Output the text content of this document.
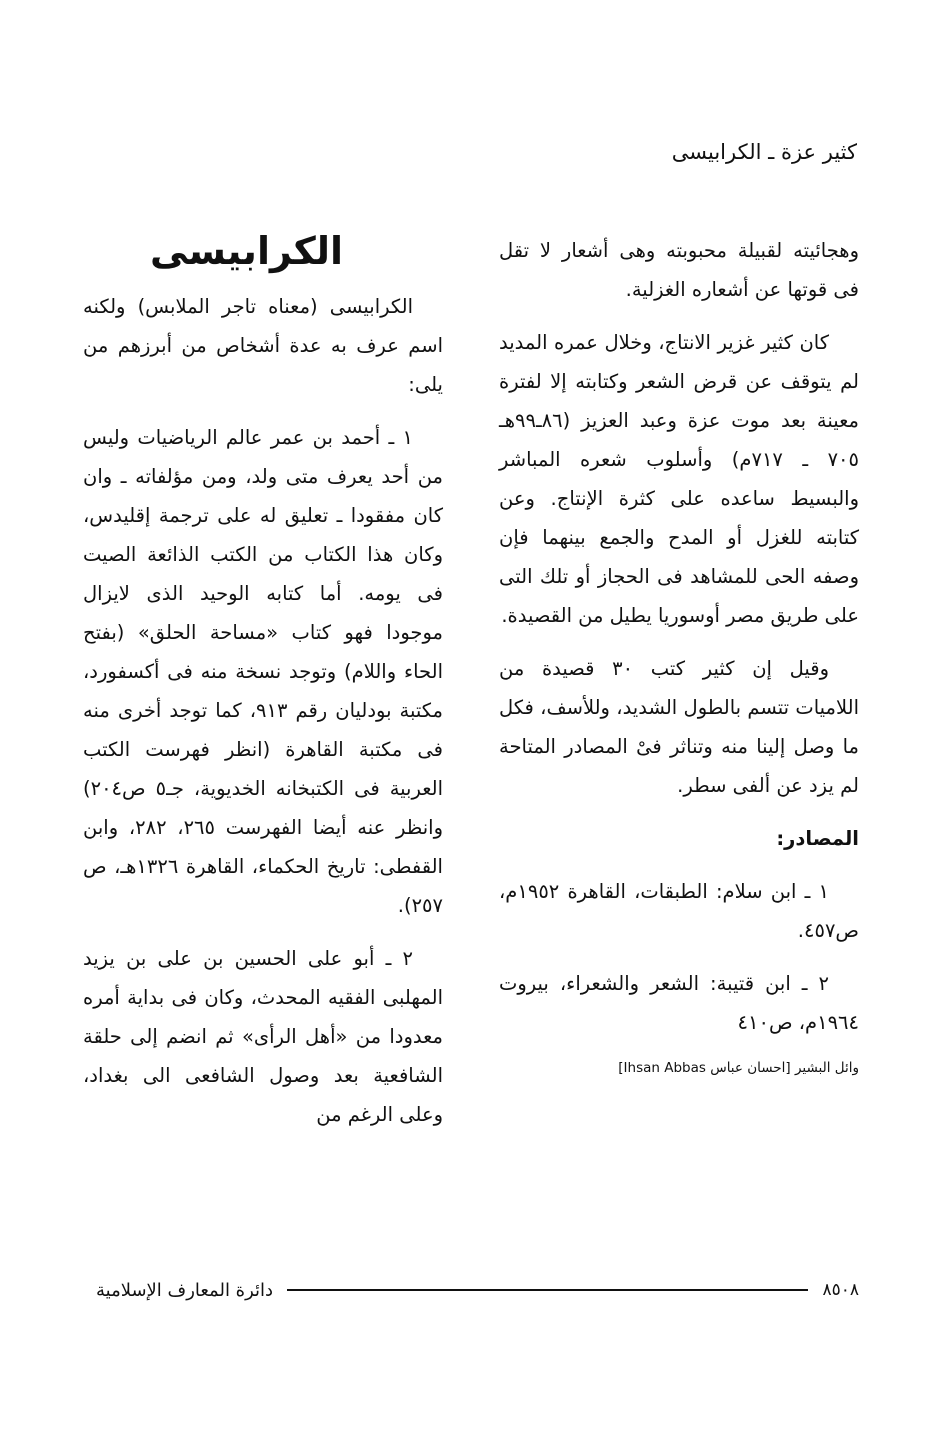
كثير عزة ـ الكرابيسى

وهجائيته لقبيلة محبوبته وهى أشعار لا تقل فى قوتها عن أشعاره الغزلية.

كان كثير غزير الانتاج، وخلال عمره المديد لم يتوقف عن قرض الشعر وكتابته إلا لفترة معينة بعد موت عزة وعبد العزيز (٨٦ـ٩٩هـ ٧٠٥ ـ ٧١٧م) وأسلوب شعره المباشر والبسيط ساعده على كثرة الإنتاج. وعن كتابته للغزل أو المدح والجمع بينهما فإن وصفه الحى للمشاهد فى الحجاز أو تلك التى على طريق مصر أوسوريا يطيل من القصيدة.

وقيل إن كثير كتب ٣٠ قصيدة من اللاميات تتسم بالطول الشديد، وللأسف، فكل ما وصل إلينا منه وتناثر فىْ المصادر المتاحة لم يزد عن ألفى سطر.

المصادر:

١ ـ ابن سلام: الطبقات، القاهرة ١٩٥٢م، ص٤٥٧.

٢ ـ ابن قتيبة: الشعر والشعراء، بيروت ١٩٦٤م، ص٤١٠

وائل البشير [احسان عباس Ihsan Abbas]

الكرابيسى

الكرابيسى (معناه تاجر الملابس) ولكنه اسم عرف به عدة أشخاص من أبرزهم من يلى:

١ ـ أحمد بن عمر عالم الرياضيات وليس من أحد يعرف متى ولد، ومن مؤلفاته ـ وان كان مفقودا ـ تعليق له على ترجمة إقليدس، وكان هذا الكتاب من الكتب الذائعة الصيت فى يومه. أما كتابه الوحيد الذى لايزال موجودا فهو كتاب «مساحة الحلق» (بفتح الحاء واللام) وتوجد نسخة منه فى أكسفورد، مكتبة بودليان رقم ٩١٣، كما توجد أخرى منه فى مكتبة القاهرة (انظر فهرست الكتب العربية فى الكتبخانه الخديوية، جـ٥ ص٢٠٤) وانظر عنه أيضا الفهرست ٢٦٥، ٢٨٢، وابن القفطى: تاريخ الحكماء، القاهرة ١٣٢٦هـ، ص ٢٥٧).

٢ ـ أبو على الحسين بن على بن يزيد المهلبى الفقيه المحدث، وكان فى بداية أمره معدودا من «أهل الرأى» ثم انضم إلى حلقة الشافعية بعد وصول الشافعى الى بغداد، وعلى الرغم من

٨٥٠٨
دائرة المعارف الإسلامية
